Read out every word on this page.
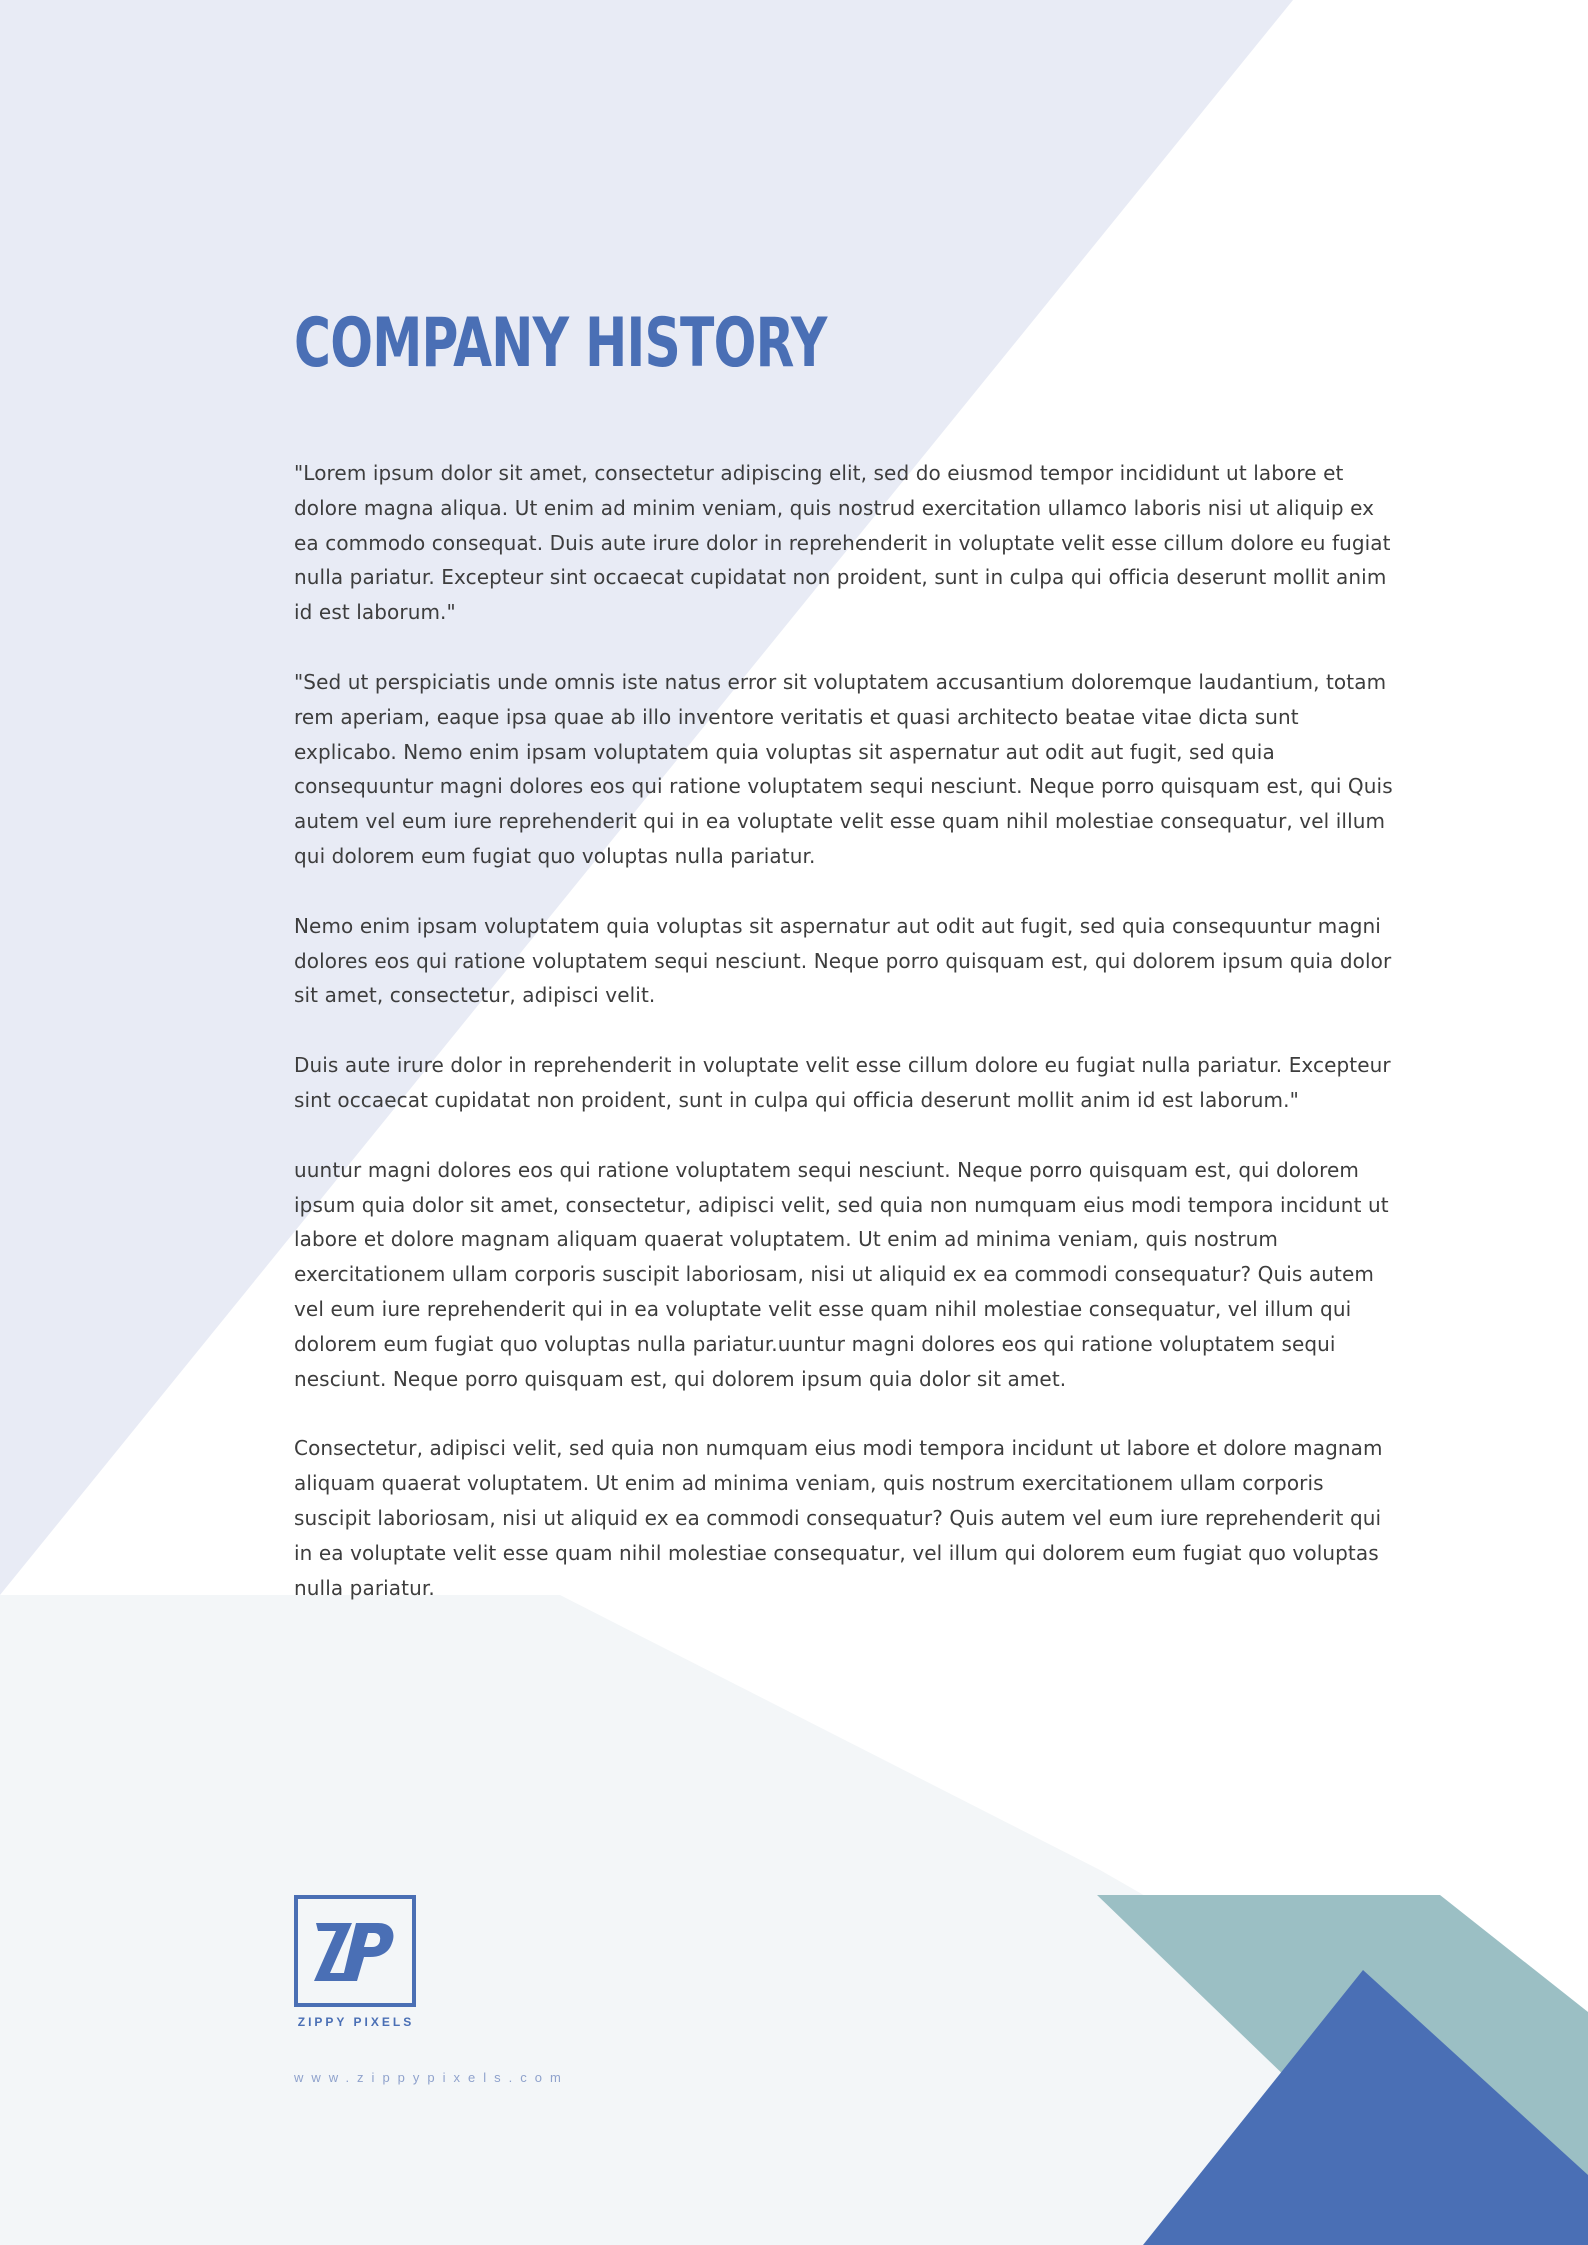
COMPANY HISTORY

"Lorem ipsum dolor sit amet, consectetur adipiscing elit, sed do eiusmod tempor incididunt ut labore et dolore magna aliqua. Ut enim ad minim veniam, quis nostrud exercitation ullamco laboris nisi ut aliquip ex ea commodo consequat. Duis aute irure dolor in reprehenderit in voluptate velit esse cillum dolore eu fugiat nulla pariatur. Excepteur sint occaecat cupidatat non proident, sunt in culpa qui officia deserunt mollit anim id est laborum."

"Sed ut perspiciatis unde omnis iste natus error sit voluptatem accusantium doloremque laudantium, totam rem aperiam, eaque ipsa quae ab illo inventore veritatis et quasi architecto beatae vitae dicta sunt explicabo. Nemo enim ipsam voluptatem quia voluptas sit aspernatur aut odit aut fugit, sed quia consequuntur magni dolores eos qui ratione voluptatem sequi nesciunt. Neque porro quisquam est, qui Quis autem vel eum iure reprehenderit qui in ea voluptate velit esse quam nihil molestiae consequatur, vel illum qui dolorem eum fugiat quo voluptas nulla pariatur.

Nemo enim ipsam voluptatem quia voluptas sit aspernatur aut odit aut fugit, sed quia consequuntur magni dolores eos qui ratione voluptatem sequi nesciunt. Neque porro quisquam est, qui dolorem ipsum quia dolor sit amet, consectetur, adipisci velit.

Duis aute irure dolor in reprehenderit in voluptate velit esse cillum dolore eu fugiat nulla pariatur. Excepteur sint occaecat cupidatat non proident, sunt in culpa qui officia deserunt mollit anim id est laborum."

uuntur magni dolores eos qui ratione voluptatem sequi nesciunt. Neque porro quisquam est, qui dolorem ipsum quia dolor sit amet, consectetur, adipisci velit, sed quia non numquam eius modi tempora incidunt ut labore et dolore magnam aliquam quaerat voluptatem. Ut enim ad minima veniam, quis nostrum exercitationem ullam corporis suscipit laboriosam, nisi ut aliquid ex ea commodi consequatur? Quis autem vel eum iure reprehenderit qui in ea voluptate velit esse quam nihil molestiae consequatur, vel illum qui dolorem eum fugiat quo voluptas nulla pariatur.uuntur magni dolores eos qui ratione voluptatem sequi nesciunt. Neque porro quisquam est, qui dolorem ipsum quia dolor sit amet.

Consectetur, adipisci velit, sed quia non numquam eius modi tempora incidunt ut labore et dolore magnam aliquam quaerat voluptatem. Ut enim ad minima veniam, quis nostrum exercitationem ullam corporis suscipit laboriosam, nisi ut aliquid ex ea commodi consequatur? Quis autem vel eum iure reprehenderit qui in ea voluptate velit esse quam nihil molestiae consequatur, vel illum qui dolorem eum fugiat quo voluptas nulla pariatur.

ZIPPY PIXELS
www.zippypixels.com
